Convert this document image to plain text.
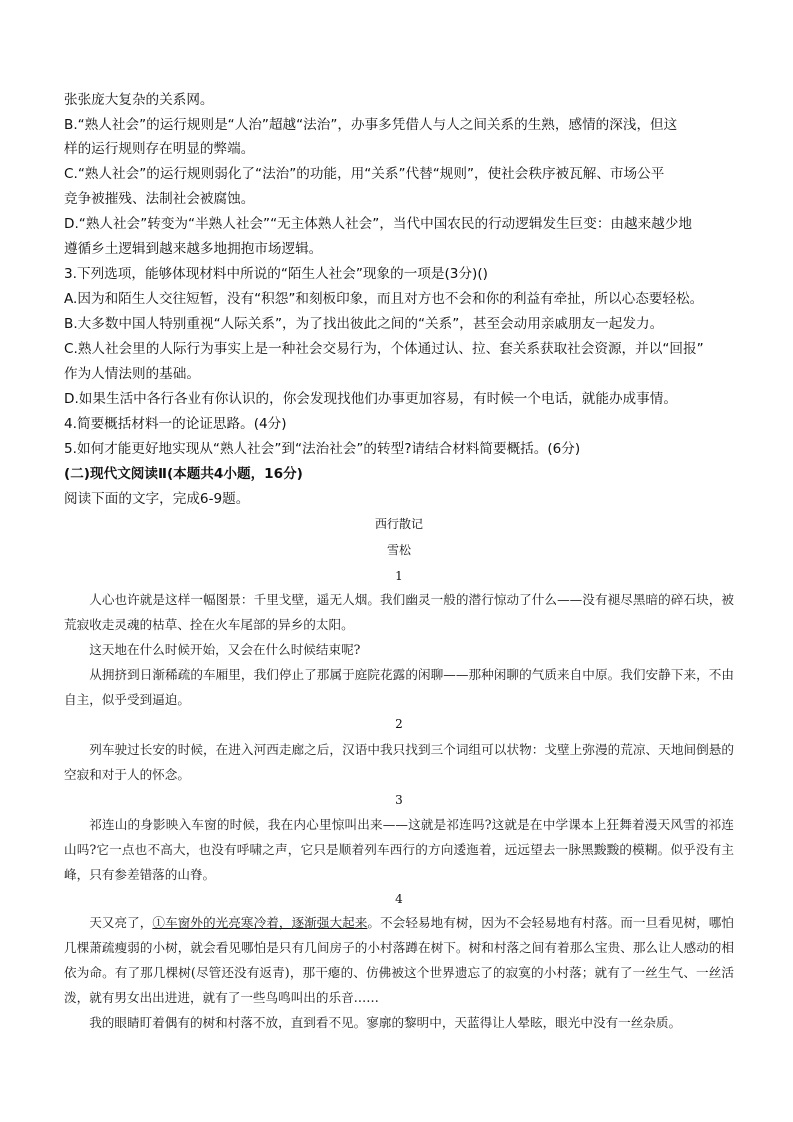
张张庞大复杂的关系网。
B.“熟人社会”的运行规则是“人治”超越“法治”，办事多凭借人与人之间关系的生熟，感情的深浅，但这
样的运行规则存在明显的弊端。
C.“熟人社会”的运行规则弱化了“法治”的功能，用“关系”代替“规则”，使社会秩序被瓦解、市场公平
竞争被摧残、法制社会被腐蚀。
D.“熟人社会”转变为“半熟人社会”“无主体熟人社会”，当代中国农民的行动逻辑发生巨变：由越来越少地
遵循乡土逻辑到越来越多地拥抱市场逻辑。
3.下列选项，能够体现材料中所说的“陌生人社会”现象的一项是(3分)()
A.因为和陌生人交往短暂，没有“积怨”和刻板印象，而且对方也不会和你的利益有牵扯，所以心态要轻松。
B.大多数中国人特别重视“人际关系”，为了找出彼此之间的“关系”，甚至会动用亲戚朋友一起发力。
C.熟人社会里的人际行为事实上是一种社会交易行为，个体通过认、拉、套关系获取社会资源，并以“回报”
作为人情法则的基础。
D.如果生活中各行各业有你认识的，你会发现找他们办事更加容易，有时候一个电话，就能办成事情。
4.简要概括材料一的论证思路。(4分)
5.如何才能更好地实现从“熟人社会”到“法治社会”的转型?请结合材料简要概括。(6分)
(二)现代文阅读Ⅱ(本题共4小题，16分)
阅读下面的文字，完成6-9题。
西行散记
雪松
1

人心也许就是这样一幅图景：千里戈壁，遥无人烟。我们幽灵一般的潜行惊动了什么——没有褪尽黑暗的碎石块，被荒寂收走灵魂的枯草、拴在火车尾部的异乡的太阳。

这天地在什么时候开始，又会在什么时候结束呢?

从拥挤到日渐稀疏的车厢里，我们停止了那属于庭院花露的闲聊——那种闲聊的气质来自中原。我们安静下来，不由自主，似乎受到逼迫。

2

列车驶过长安的时候，在进入河西走廊之后，汉语中我只找到三个词组可以状物：戈壁上弥漫的荒凉、天地间倒悬的空寂和对于人的怀念。

3

祁连山的身影映入车窗的时候，我在内心里惊叫出来——这就是祁连吗?这就是在中学课本上狂舞着漫天风雪的祁连山吗?它一点也不高大，也没有呼啸之声，它只是顺着列车西行的方向逶迤着，远远望去一脉黑黢黢的模糊。似乎没有主峰，只有参差错落的山脊。

4

天又亮了，①车窗外的光亮寒冷着，逐渐强大起来。不会轻易地有树，因为不会轻易地有村落。而一旦看见树，哪怕几棵萧疏瘦弱的小树，就会看见哪怕是只有几间房子的小村落蹲在树下。树和村落之间有着那么宝贵、那么让人感动的相依为命。有了那几棵树(尽管还没有返青)，那干瘪的、仿佛被这个世界遗忘了的寂寞的小村落；就有了一丝生气、一丝活泼，就有男女出出进进，就有了一些鸟鸣叫出的乐音……

我的眼睛盯着偶有的树和村落不放，直到看不见。寥廓的黎明中，天蓝得让人晕眩，眼光中没有一丝杂质。
